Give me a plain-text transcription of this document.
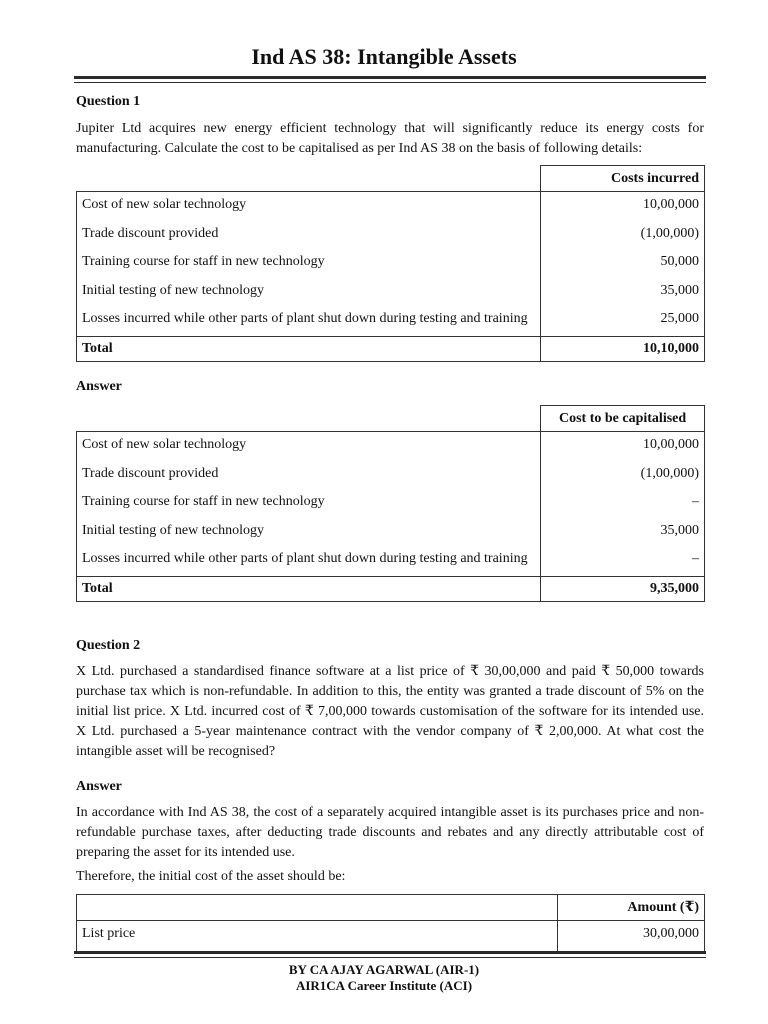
Ind AS 38: Intangible Assets
Question 1
Jupiter Ltd acquires new energy efficient technology that will significantly reduce its energy costs for manufacturing. Calculate the cost to be capitalised as per Ind AS 38 on the basis of following details:
	Costs incurred
Cost of new solar technology	10,00,000
Trade discount provided	(1,00,000)
Training course for staff in new technology	50,000
Initial testing of new technology	35,000
Losses incurred while other parts of plant shut down during testing and training	25,000
Total	10,10,000
Answer
	Cost to be capitalised
Cost of new solar technology	10,00,000
Trade discount provided	(1,00,000)
Training course for staff in new technology	–
Initial testing of new technology	35,000
Losses incurred while other parts of plant shut down during testing and training	–
Total	9,35,000
Question 2
X Ltd. purchased a standardised finance software at a list price of ₹ 30,00,000 and paid ₹ 50,000 towards purchase tax which is non-refundable. In addition to this, the entity was granted a trade discount of 5% on the initial list price. X Ltd. incurred cost of ₹ 7,00,000 towards customisation of the software for its intended use. X Ltd. purchased a 5-year maintenance contract with the vendor company of ₹ 2,00,000. At what cost the intangible asset will be recognised?
Answer
In accordance with Ind AS 38, the cost of a separately acquired intangible asset is its purchases price and non-refundable purchase taxes, after deducting trade discounts and rebates and any directly attributable cost of preparing the asset for its intended use.
Therefore, the initial cost of the asset should be:
	Amount (₹)
List price	30,00,000
BY CA AJAY AGARWAL (AIR-1)
AIR1CA Career Institute (ACI)
